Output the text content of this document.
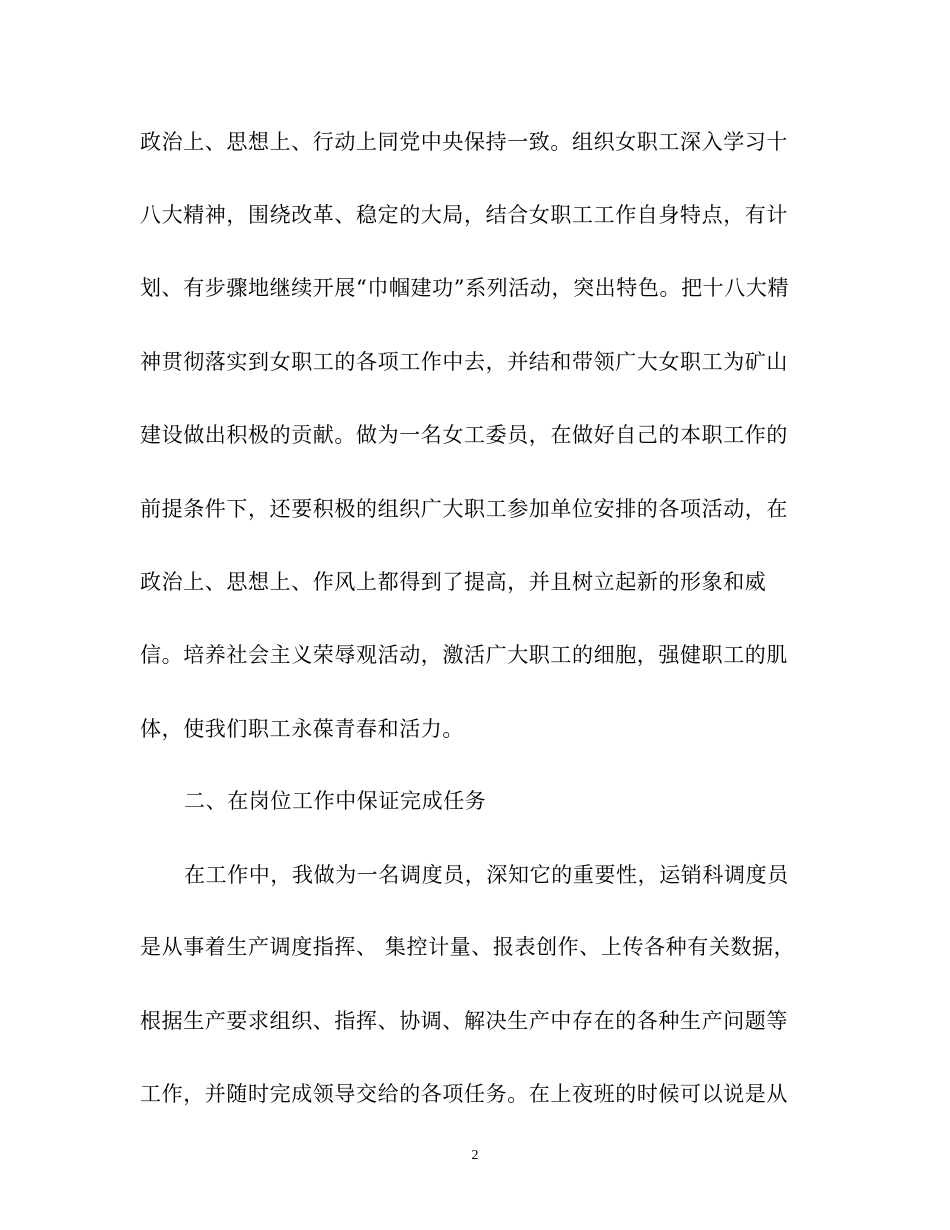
政治上、思想上、行动上同党中央保持一致。组织女职工深入学习十
八大精神，围绕改革、稳定的大局，结合女职工工作自身特点，有计
划、有步骤地继续开展“巾帼建功”系列活动，突出特色。把十八大精
神贯彻落实到女职工的各项工作中去，并结和带领广大女职工为矿山
建设做出积极的贡献。做为一名女工委员，在做好自己的本职工作的
前提条件下，还要积极的组织广大职工参加单位安排的各项活动，在
政治上、思想上、作风上都得到了提高，并且树立起新的形象和威
信。培养社会主义荣辱观活动，激活广大职工的细胞，强健职工的肌
体，使我们职工永葆青春和活力。
二、在岗位工作中保证完成任务
在工作中，我做为一名调度员，深知它的重要性，运销科调度员
是从事着生产调度指挥、 集控计量、报表创作、上传各种有关数据，
根据生产要求组织、指挥、协调、解决生产中存在的各种生产问题等
工作，并随时完成领导交给的各项任务。在上夜班的时候可以说是从
2
